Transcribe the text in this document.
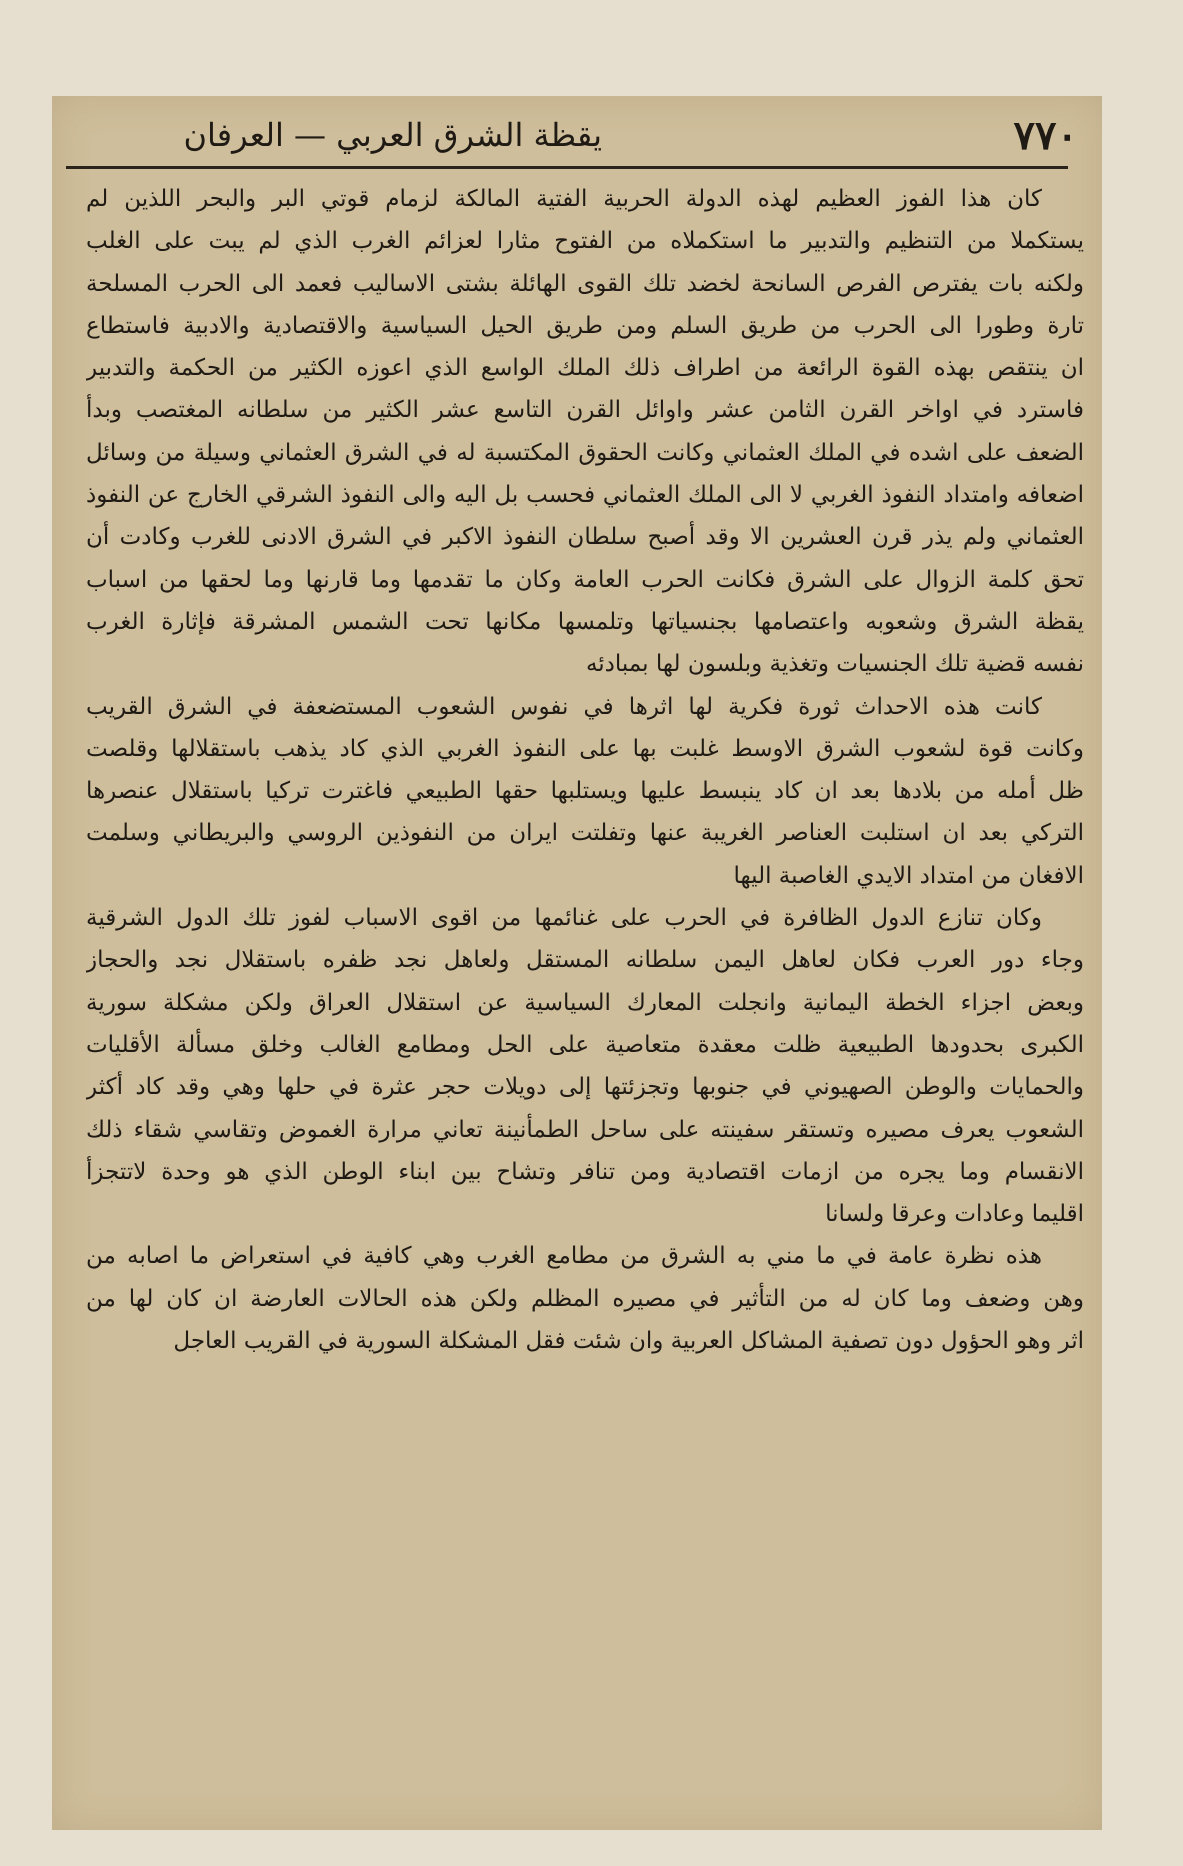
٧٧٠
يقظة الشرق العربي — العرفان
كان هذا الفوز العظيم لهذه الدولة الحربية الفتية المالكة لزمام قوتي البر والبحر اللذين لم
يستكملا من التنظيم والتدبير ما استكملاه من الفتوح مثارا لعزائم الغرب الذي لم يبت على الغلب
ولكنه بات يفترص الفرص السانحة لخضد تلك القوى الهائلة بشتى الاساليب فعمد الى الحرب المسلحة
تارة وطورا الى الحرب من طريق السلم ومن طريق الحيل السياسية والاقتصادية والادبية فاستطاع
ان ينتقص بهذه القوة الرائعة من اطراف ذلك الملك الواسع الذي اعوزه الكثير من الحكمة والتدبير
فاسترد في اواخر القرن الثامن عشر واوائل القرن التاسع عشر الكثير من سلطانه المغتصب وبدأ
الضعف على اشده في الملك العثماني وكانت الحقوق المكتسبة له في الشرق العثماني وسيلة من وسائل
اضعافه وامتداد النفوذ الغربي لا الى الملك العثماني فحسب بل اليه والى النفوذ الشرقي الخارج عن النفوذ
العثماني ولم يذر قرن العشرين الا وقد أصبح سلطان النفوذ الاكبر في الشرق الادنى للغرب وكادت أن
تحق كلمة الزوال على الشرق فكانت الحرب العامة وكان ما تقدمها وما قارنها وما لحقها من اسباب
يقظة الشرق وشعوبه واعتصامها بجنسياتها وتلمسها مكانها تحت الشمس المشرقة فإثارة الغرب
نفسه قضية تلك الجنسيات وتغذية وبلسون لها بمبادئه
كانت هذه الاحداث ثورة فكرية لها اثرها في نفوس الشعوب المستضعفة في الشرق القريب
وكانت قوة لشعوب الشرق الاوسط غلبت بها على النفوذ الغربي الذي كاد يذهب باستقلالها وقلصت
ظل أمله من بلادها بعد ان كاد ينبسط عليها ويستلبها حقها الطبيعي فاغترت تركيا باستقلال عنصرها
التركي بعد ان استلبت العناصر الغريبة عنها وتفلتت ايران من النفوذين الروسي والبريطاني وسلمت
الافغان من امتداد الايدي الغاصبة اليها
وكان تنازع الدول الظافرة في الحرب على غنائمها من اقوى الاسباب لفوز تلك الدول الشرقية
وجاء دور العرب فكان لعاهل اليمن سلطانه المستقل ولعاهل نجد ظفره باستقلال نجد والحجاز
وبعض اجزاء الخطة اليمانية وانجلت المعارك السياسية عن استقلال العراق ولكن مشكلة سورية
الكبرى بحدودها الطبيعية ظلت معقدة متعاصية على الحل ومطامع الغالب وخلق مسألة الأقليات
والحمايات والوطن الصهيوني في جنوبها وتجزئتها إلى دويلات حجر عثرة في حلها وهي وقد كاد أكثر
الشعوب يعرف مصيره وتستقر سفينته على ساحل الطمأنينة تعاني مرارة الغموض وتقاسي شقاء ذلك
الانقسام وما يجره من ازمات اقتصادية ومن تنافر وتشاح بين ابناء الوطن الذي هو وحدة لاتتجزأ
اقليما وعادات وعرقا ولسانا
هذه نظرة عامة في ما مني به الشرق من مطامع الغرب وهي كافية في استعراض ما اصابه من
وهن وضعف وما كان له من التأثير في مصيره المظلم ولكن هذه الحالات العارضة ان كان لها من
اثر وهو الحؤول دون تصفية المشاكل العربية وان شئت فقل المشكلة السورية في القريب العاجل
